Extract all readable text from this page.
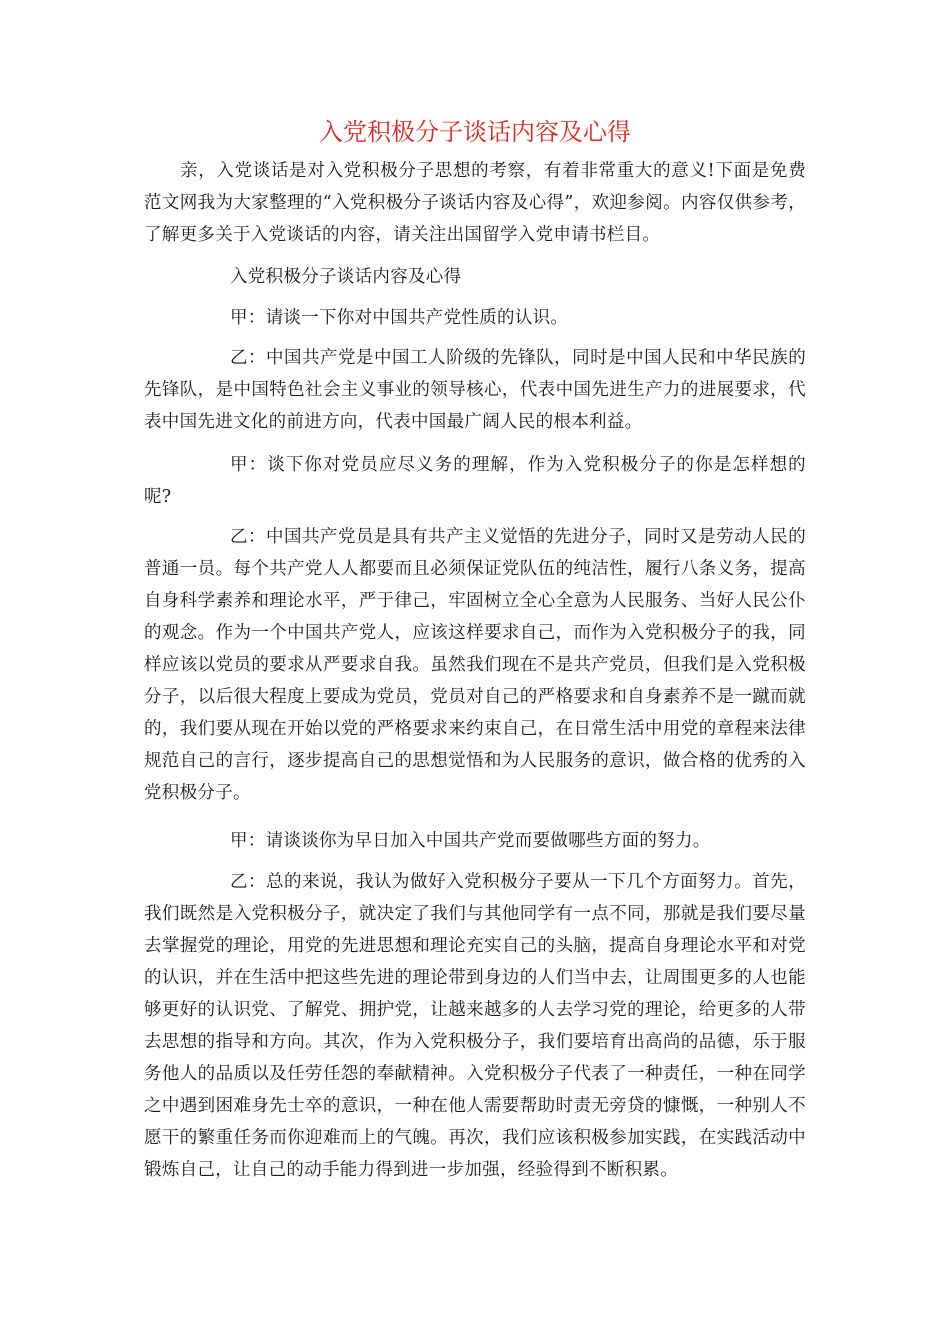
入党积极分子谈话内容及心得

亲，入党谈话是对入党积极分子思想的考察，有着非常重大的意义!下面是免费范文网我为大家整理的“入党积极分子谈话内容及心得”，欢迎参阅。内容仅供参考，了解更多关于入党谈话的内容，请关注出国留学入党申请书栏目。

入党积极分子谈话内容及心得

甲：请谈一下你对中国共产党性质的认识。

乙：中国共产党是中国工人阶级的先锋队，同时是中国人民和中华民族的先锋队，是中国特色社会主义事业的领导核心，代表中国先进生产力的进展要求，代表中国先进文化的前进方向，代表中国最广阔人民的根本利益。

甲：谈下你对党员应尽义务的理解，作为入党积极分子的你是怎样想的呢?

乙：中国共产党员是具有共产主义觉悟的先进分子，同时又是劳动人民的普通一员。每个共产党人人都要而且必须保证党队伍的纯洁性，履行八条义务，提高自身科学素养和理论水平，严于律己，牢固树立全心全意为人民服务、当好人民公仆的观念。作为一个中国共产党人，应该这样要求自己，而作为入党积极分子的我，同样应该以党员的要求从严要求自我。虽然我们现在不是共产党员，但我们是入党积极分子，以后很大程度上要成为党员，党员对自己的严格要求和自身素养不是一蹴而就的，我们要从现在开始以党的严格要求来约束自己，在日常生活中用党的章程来法律规范自己的言行，逐步提高自己的思想觉悟和为人民服务的意识，做合格的优秀的入党积极分子。

甲：请谈谈你为早日加入中国共产党而要做哪些方面的努力。

乙：总的来说，我认为做好入党积极分子要从一下几个方面努力。首先，我们既然是入党积极分子，就决定了我们与其他同学有一点不同，那就是我们要尽量去掌握党的理论，用党的先进思想和理论充实自己的头脑，提高自身理论水平和对党的认识，并在生活中把这些先进的理论带到身边的人们当中去，让周围更多的人也能够更好的认识党、了解党、拥护党，让越来越多的人去学习党的理论，给更多的人带去思想的指导和方向。其次，作为入党积极分子，我们要培育出高尚的品德，乐于服务他人的品质以及任劳任怨的奉献精神。入党积极分子代表了一种责任，一种在同学之中遇到困难身先士卒的意识，一种在他人需要帮助时责无旁贷的慷慨，一种别人不愿干的繁重任务而你迎难而上的气魄。再次，我们应该积极参加实践，在实践活动中锻炼自己，让自己的动手能力得到进一步加强，经验得到不断积累。
